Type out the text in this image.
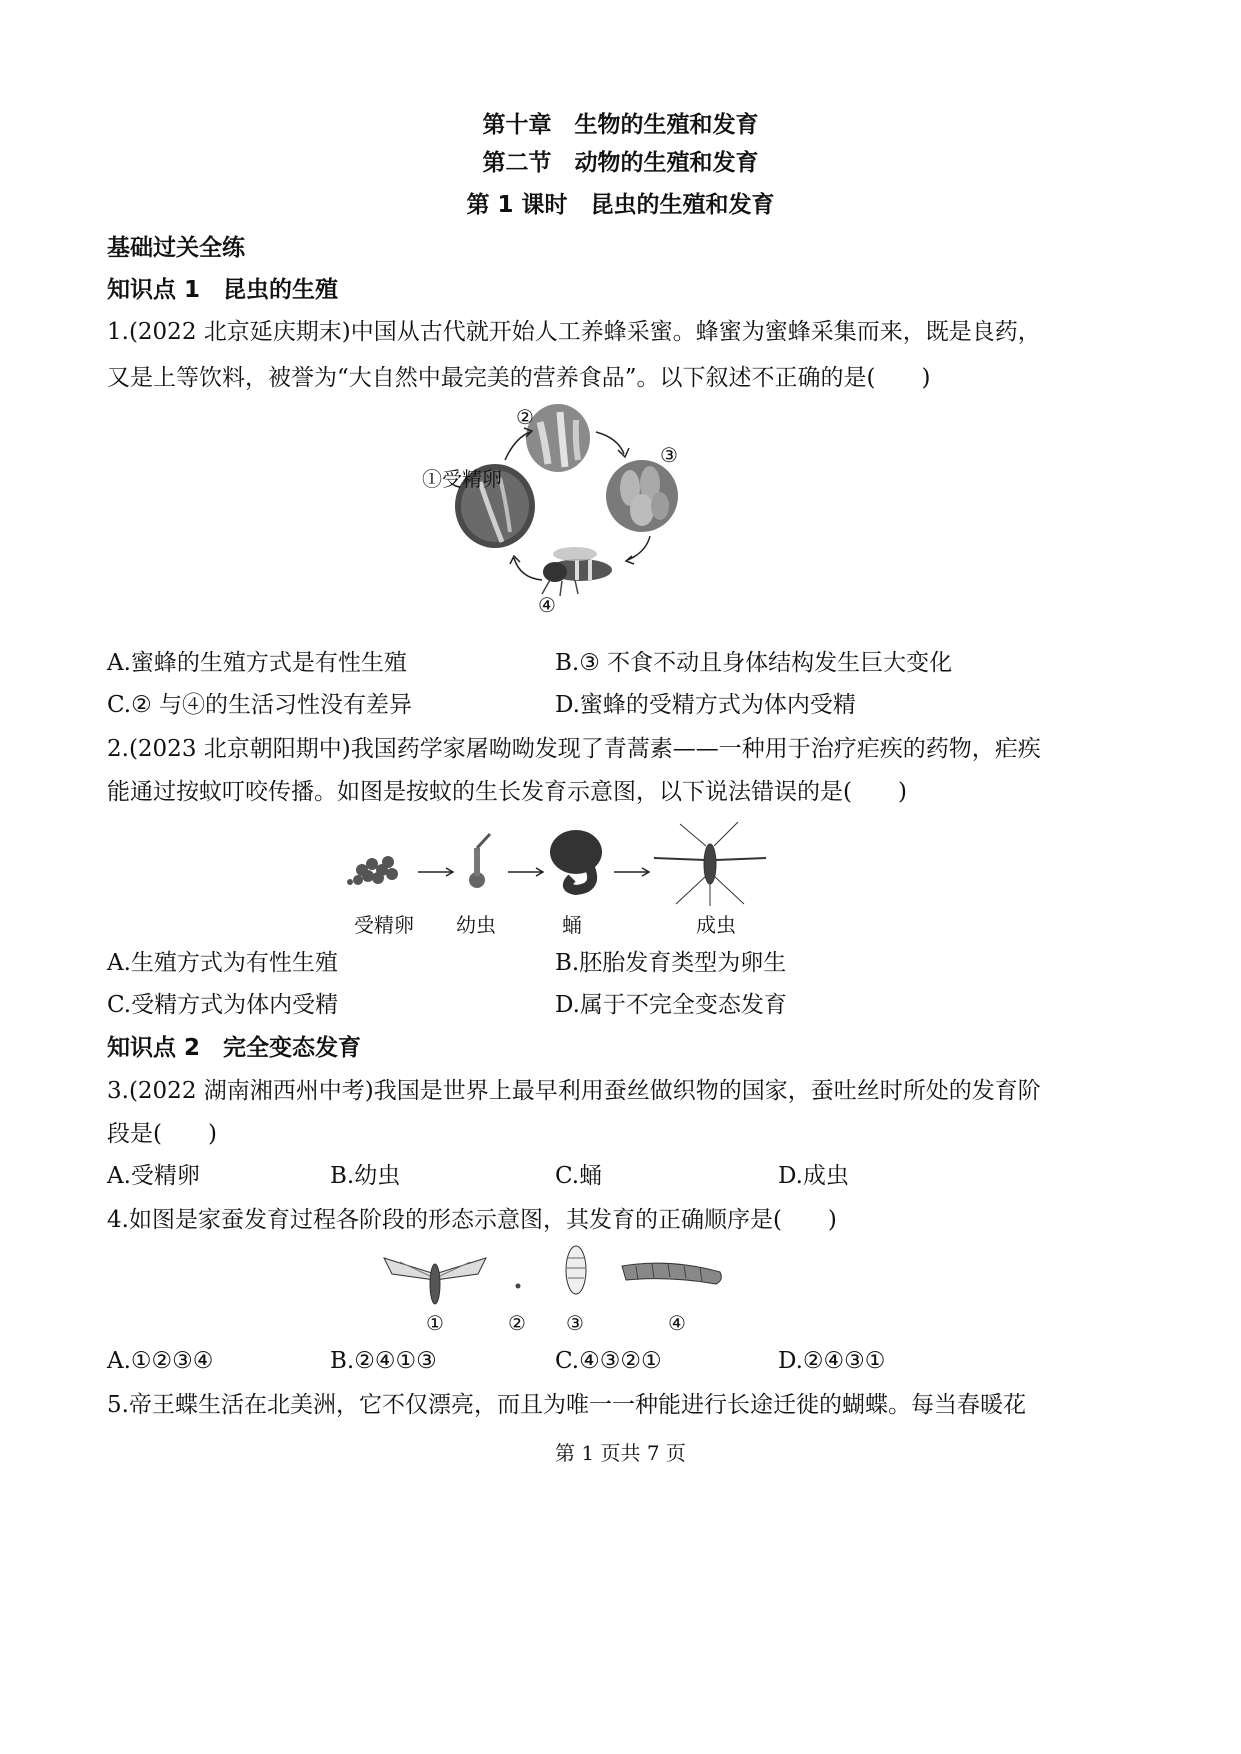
第十章　生物的生殖和发育
第二节　动物的生殖和发育
第 1 课时　昆虫的生殖和发育
基础过关全练
知识点 1　昆虫的生殖
1.(2022 北京延庆期末)中国从古代就开始人工养蜂采蜜。蜂蜜为蜜蜂采集而来，既是良药，
又是上等饮料，被誉为“大自然中最完美的营养食品”。以下叙述不正确的是(　　)
①受精卵
②
③
④
A.蜜蜂的生殖方式是有性生殖	B.③ 不食不动且身体结构发生巨大变化
C.② 与④的生活习性没有差异	D.蜜蜂的受精方式为体内受精
2.(2023 北京朝阳期中)我国药学家屠呦呦发现了青蒿素——一种用于治疗疟疾的药物，疟疾
能通过按蚊叮咬传播。如图是按蚊的生长发育示意图，以下说法错误的是(　　)
受精卵 幼虫	蛹	成虫
A.生殖方式为有性生殖	B.胚胎发育类型为卵生
C.受精方式为体内受精	D.属于不完全变态发育
知识点 2　完全变态发育
3.(2022 湖南湘西州中考)我国是世界上最早利用蚕丝做织物的国家，蚕吐丝时所处的发育阶
段是(　　)
A.受精卵	B.幼虫	C.蛹	D.成虫
4.如图是家蚕发育过程各阶段的形态示意图，其发育的正确顺序是(　　)
①	② ③	④
A.①②③④	B.②④①③	C.④③②①	D.②④③①
5.帝王蝶生活在北美洲，它不仅漂亮，而且为唯一一种能进行长途迁徙的蝴蝶。每当春暖花
第 1 页共 7 页
